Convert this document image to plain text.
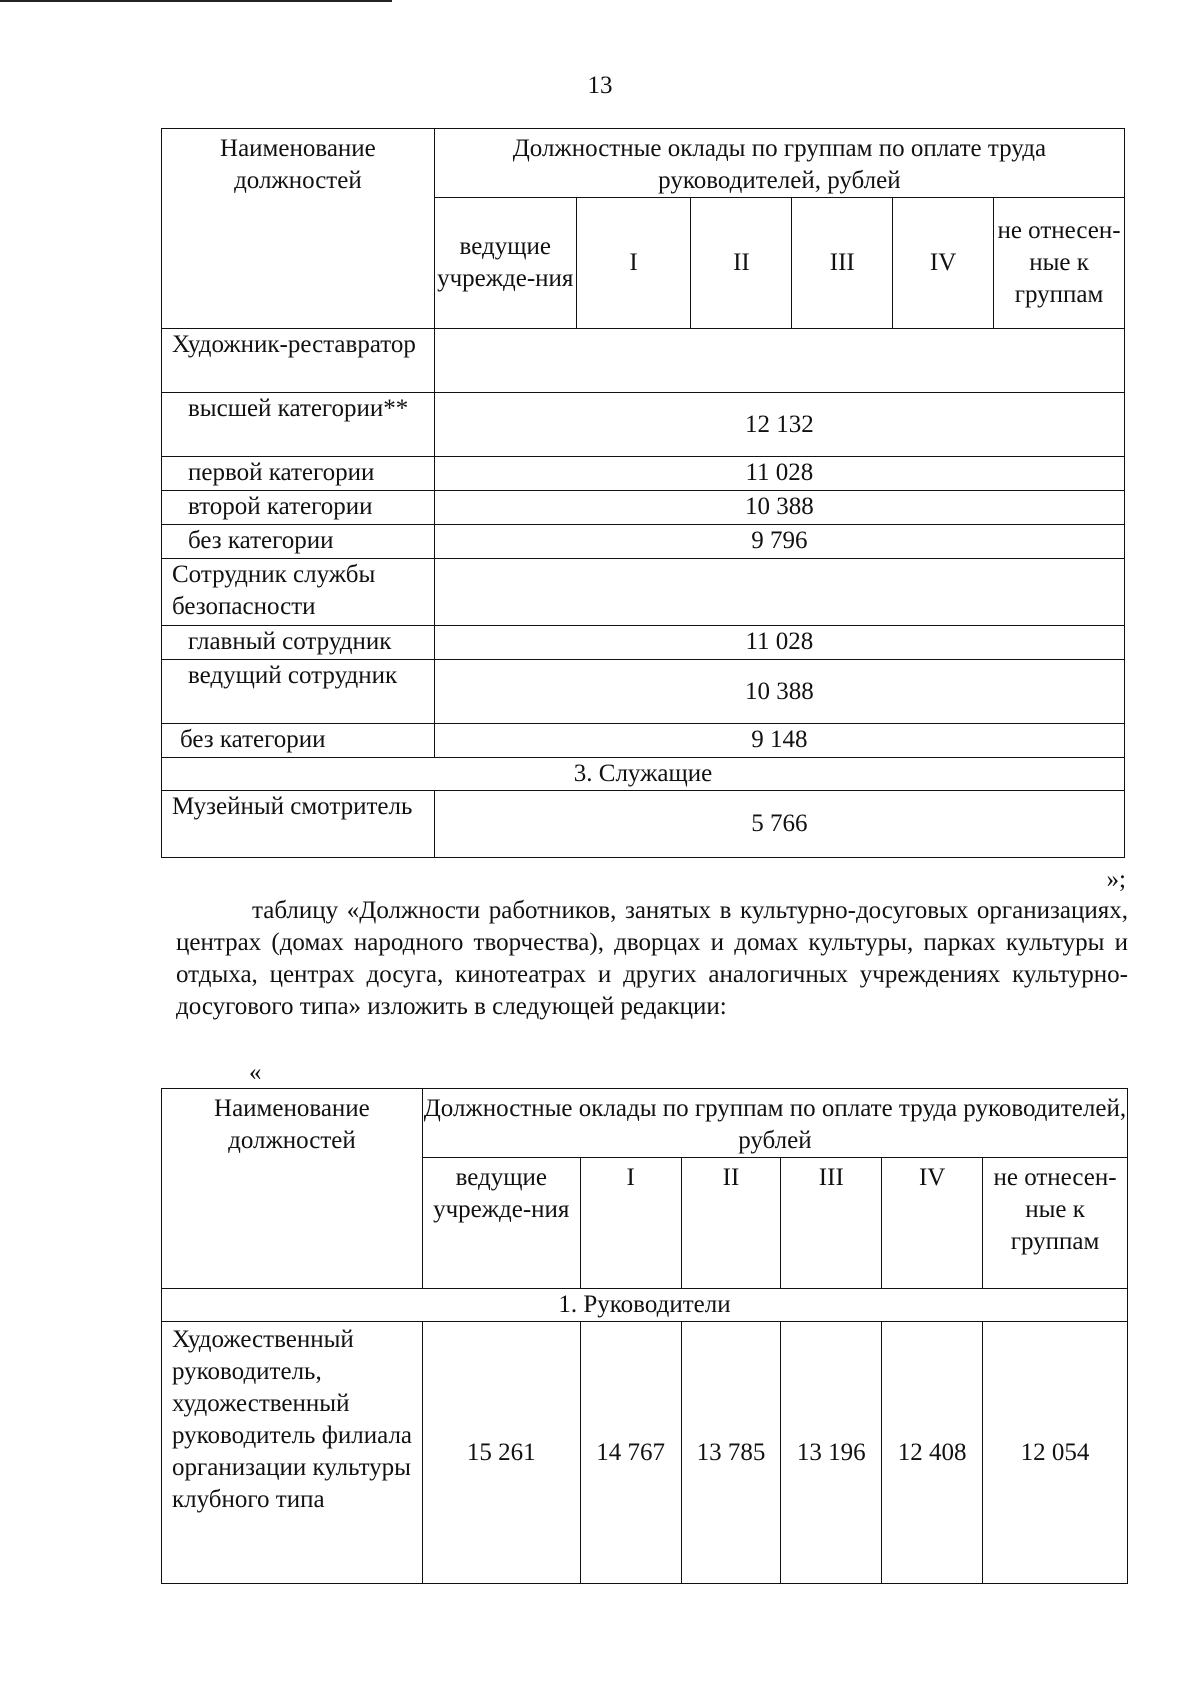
13
Наименование должностей	Должностные оклады по группам по оплате труда руководителей, рублей					
	ведущие учрежде-ния	I	II	III	IV	не отнесен-ные к группам
Художник-реставратор						
высшей категории**	12 132					
первой категории	11 028					
второй категории	10 388					
без категории	9 796					
Сотрудник службы безопасности						
главный сотрудник	11 028					
ведущий сотрудник	10 388					
без категории	9 148					
3. Служащие						
Музейный смотритель	5 766					
»;

таблицу «Должности работников, занятых в культурно-досуговых организациях, центрах (домах народного творчества), дворцах и домах культуры, парках культуры и отдыха, центрах досуга, кинотеатрах и других аналогичных учреждениях культурно-досугового типа» изложить в следующей редакции:

«
Наименование должностей	Должностные оклады по группам по оплате труда руководителей, рублей					
	ведущие учрежде-ния	I	II	III	IV	не отнесен-ные к группам
1. Руководители						
Художественный руководитель, художественный руководитель филиала организации культуры клубного типа	15 261	14 767	13 785	13 196	12 408	12 054
